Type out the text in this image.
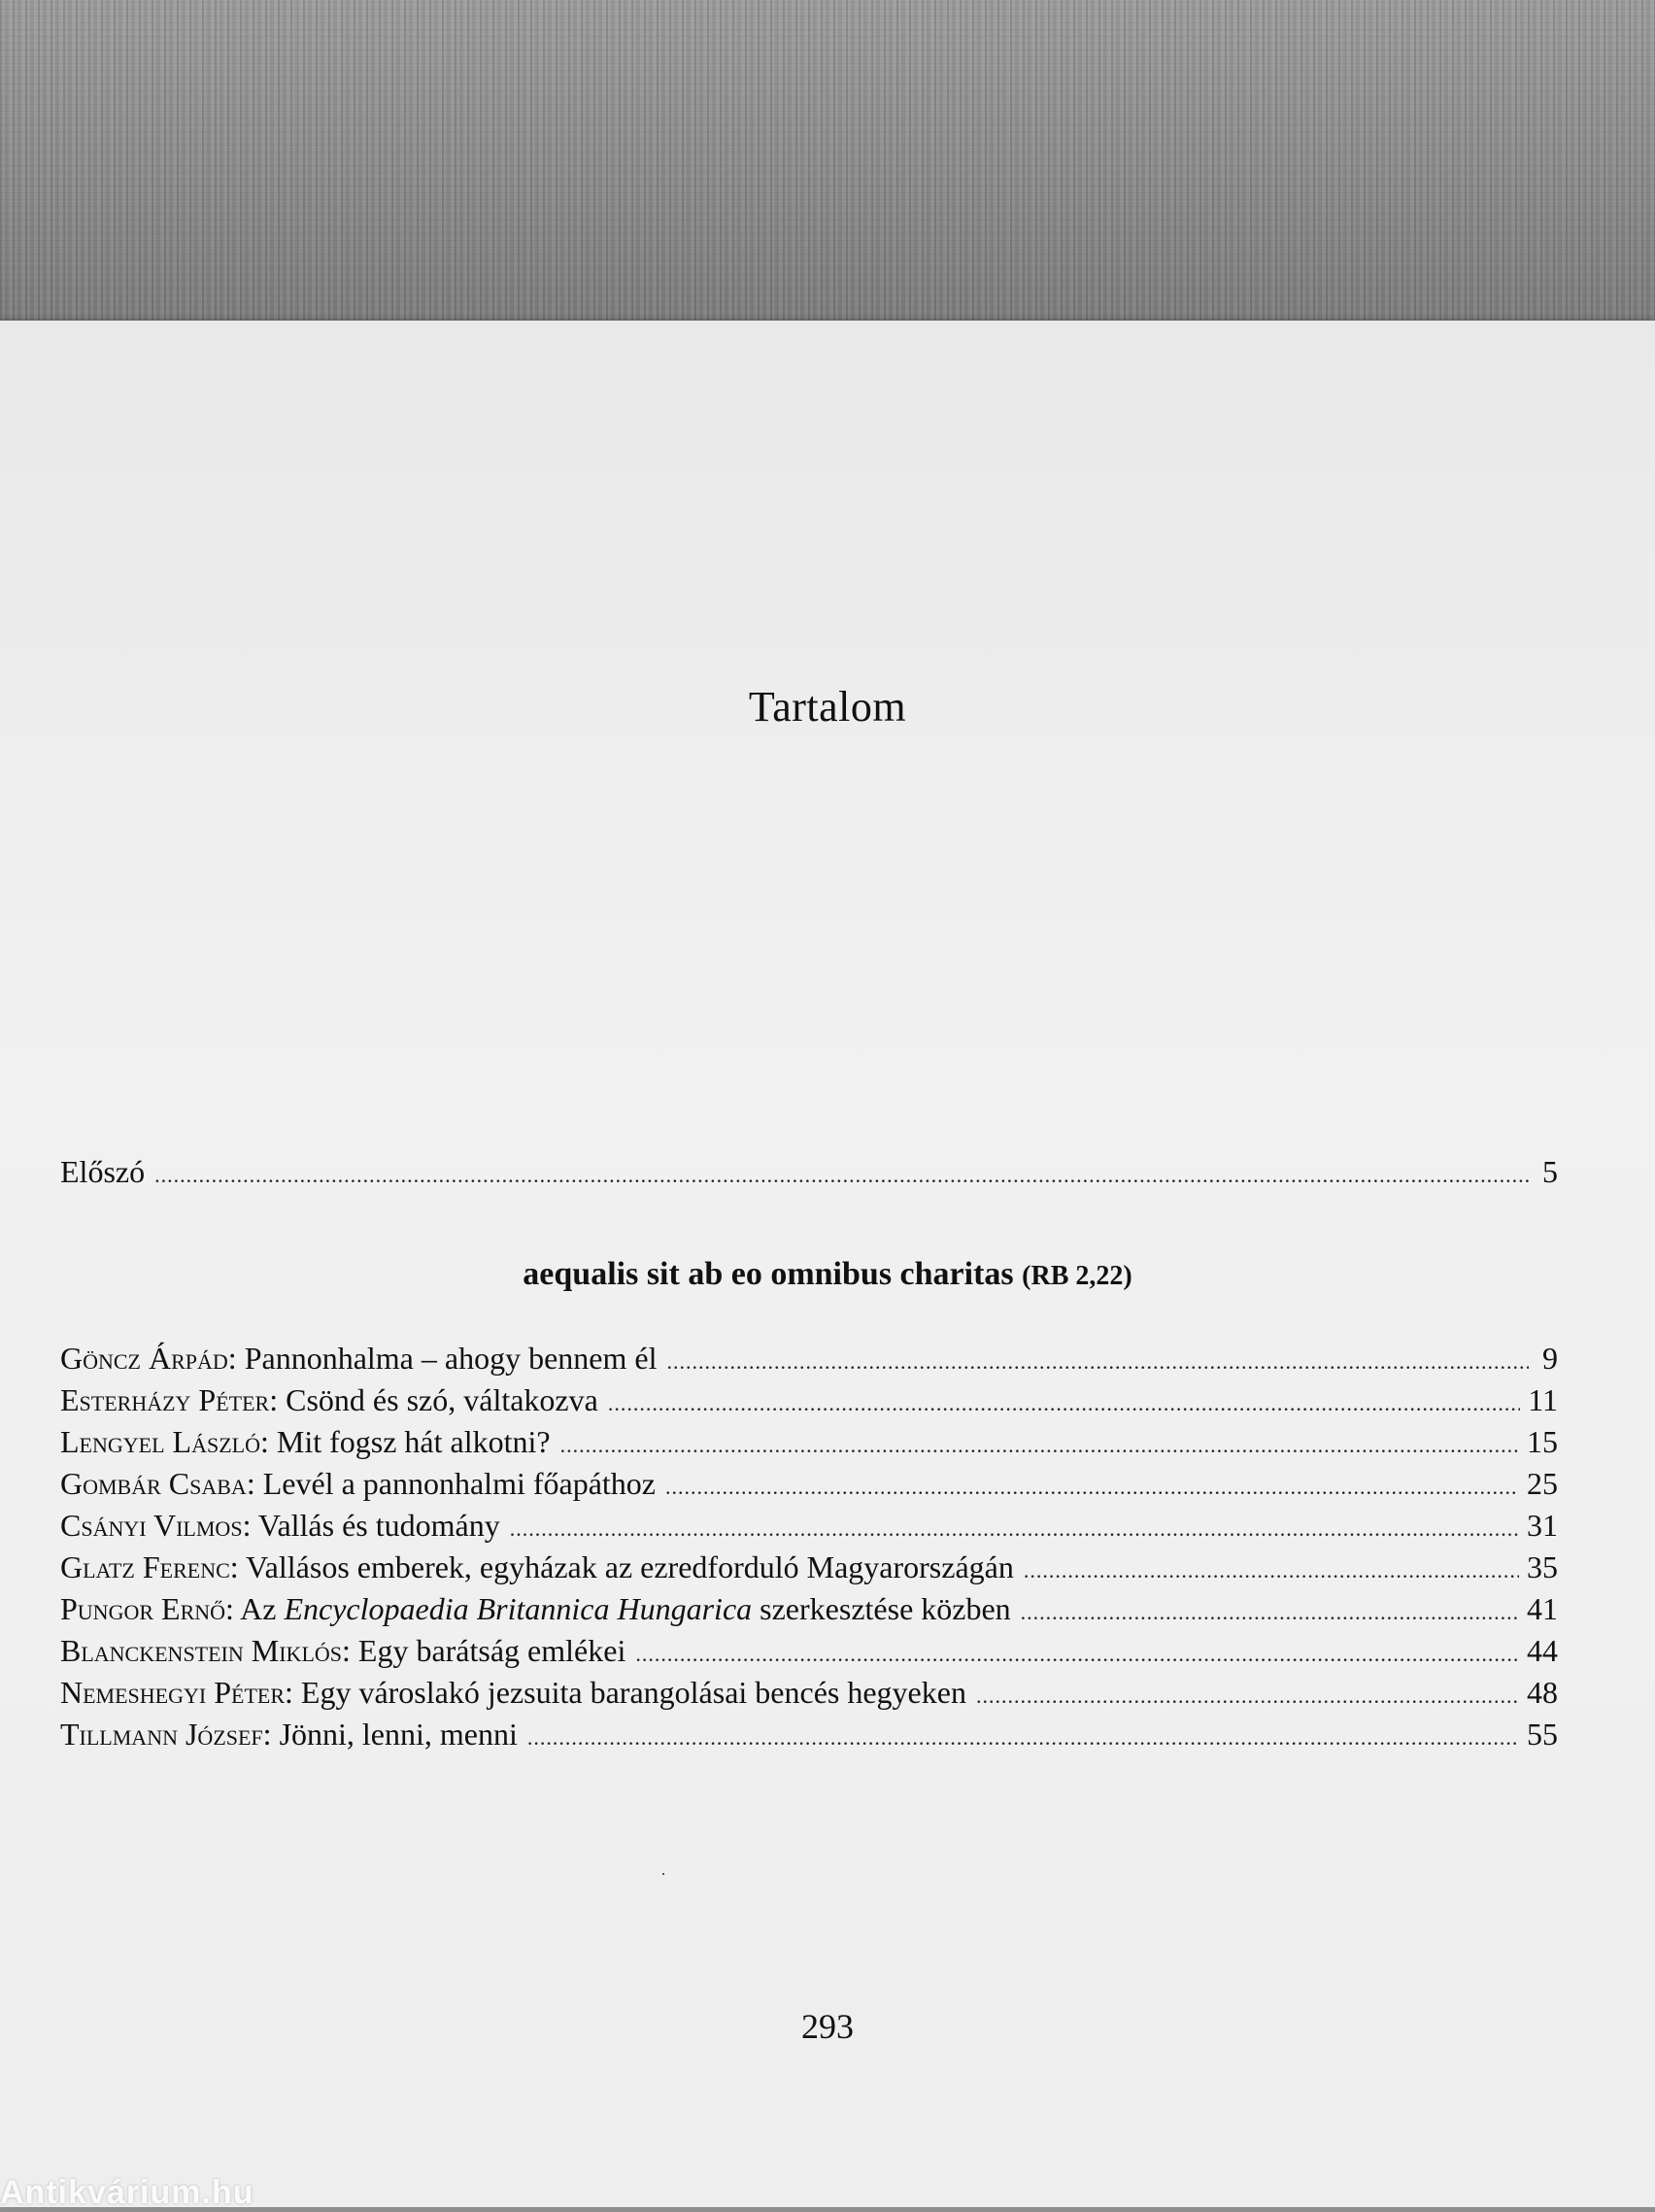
Tartalom
Előszó .....	5
aequalis sit ab eo omnibus charitas (RB 2,22)
Göncz Árpád: Pannonhalma – ahogy bennem él .....	9
Esterházy Péter: Csönd és szó, váltakozva .....	11
Lengyel László: Mit fogsz hát alkotni? .....	15
Gombár Csaba: Levél a pannonhalmi főapáthoz .....	25
Csányi Vilmos: Vallás és tudomány .....	31
Glatz Ferenc: Vallásos emberek, egyházak az ezredforduló Magyarországán .....	35
Pungor Ernő: Az Encyclopaedia Britannica Hungarica szerkesztése közben .....	41
Blanckenstein Miklós: Egy barátság emlékei .....	44
Nemeshegyi Péter: Egy városlakó jezsuita barangolásai bencés hegyeken .....	48
Tillmann József: Jönni, lenni, menni .....	55
293
Antikvárium.hu
